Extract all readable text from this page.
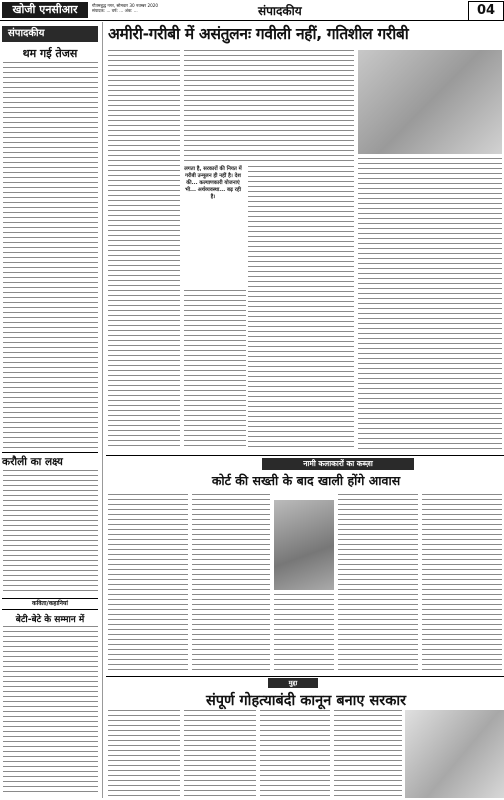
खोजी एनसीआर	गौतमबुद्ध नगर, सोमवार 30 नवम्बर 2020
संपादक: ... वर्ष: ... अंक: ...	संपादकीय	04
संपादकीय
थम गई तेजस
करौली का लक्ष्य
कविता/कहानियां
बेटी-बेटे के सम्मान में
अमीरी-गरीबी में असंतुलनः गवीली नहीं, गतिशील गरीबी
लगता है, सरकारों की नियत में गरीबी उन्मूलन ही नहीं है। देश की... कल्याणकारी योजनाएं भी... अर्थव्यवस्था... बढ़ रही है।
नामी कलाकारों का कब्ज़ा
कोर्ट की सख्ती के बाद खाली होंगे आवास
मुद्दा
संपूर्ण गोहत्याबंदी कानून बनाए सरकार
